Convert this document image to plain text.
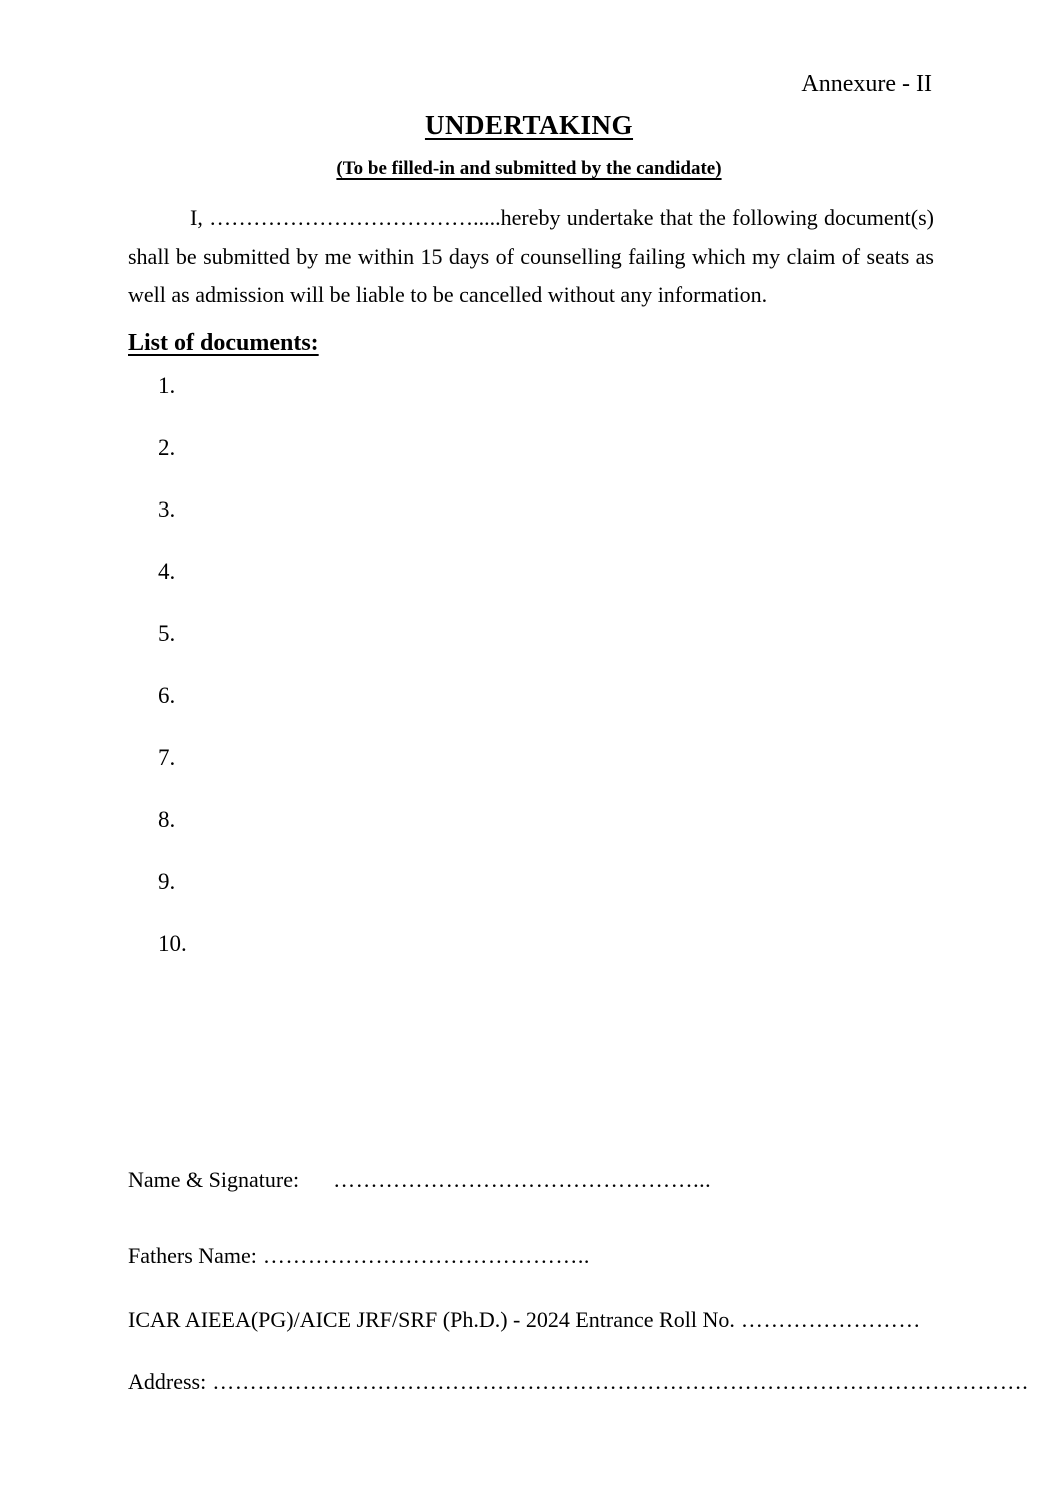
Annexure - II
UNDERTAKING
(To be filled-in and submitted by the candidate)

I, ……………………………….....hereby undertake that the following document(s) shall be submitted by me within 15 days of counselling failing which my claim of seats as well as admission will be liable to be cancelled without any information.

List of documents:
1.
2.
3.
4.
5.
6.
7.
8.
9.
10.
Name & Signature: …………………………………………...
Fathers Name: ……………………………………..
ICAR AIEEA(PG)/AICE JRF/SRF (Ph.D.) - 2024 Entrance Roll No. ……………………
Address: ……………………………………………………………………………………………….
